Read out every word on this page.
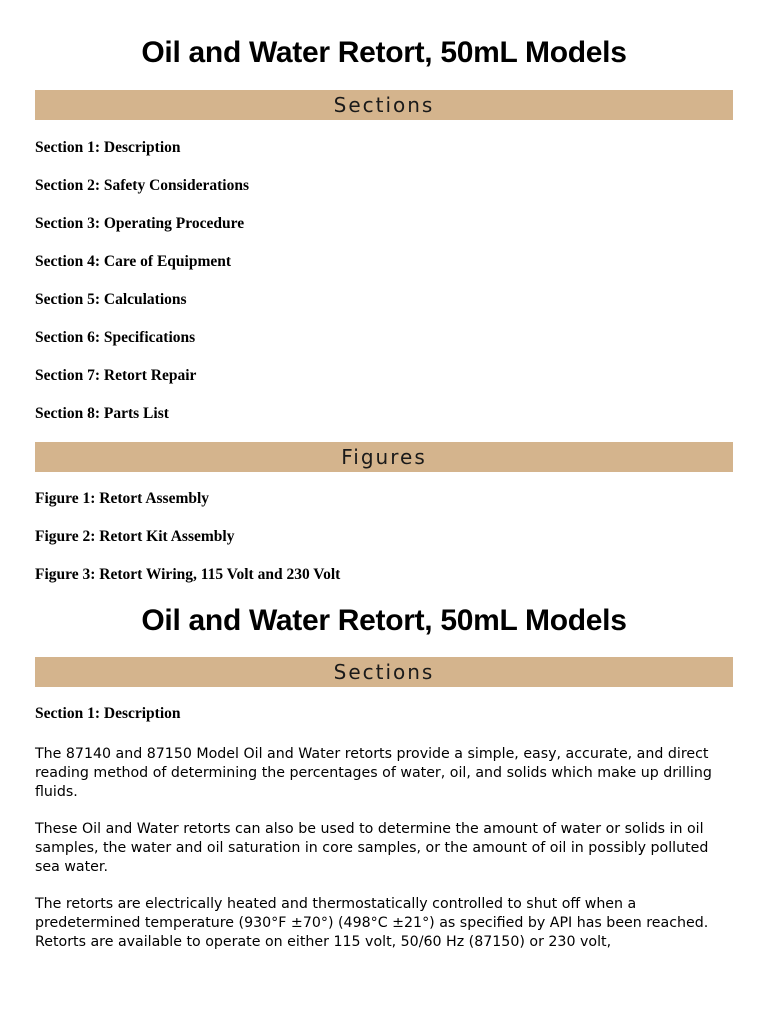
Oil and Water Retort, 50mL Models
Sections
Section 1: Description
Section 2: Safety Considerations
Section 3: Operating Procedure
Section 4: Care of Equipment
Section 5: Calculations
Section 6: Specifications
Section 7: Retort Repair
Section 8: Parts List
Figures
Figure 1: Retort Assembly
Figure 2: Retort Kit Assembly
Figure 3: Retort Wiring, 115 Volt and 230 Volt
Oil and Water Retort, 50mL Models
Sections
Section 1: Description

The 87140 and 87150 Model Oil and Water retorts provide a simple, easy, accurate, and direct reading method of determining the percentages of water, oil, and solids which make up drilling fluids.

These Oil and Water retorts can also be used to determine the amount of water or solids in oil samples, the water and oil saturation in core samples, or the amount of oil in possibly polluted sea water.

The retorts are electrically heated and thermostatically controlled to shut off when a predetermined temperature (930°F ±70°) (498°C ±21°) as specified by API has been reached. Retorts are available to operate on either 115 volt, 50/60 Hz (87150) or 230 volt,
